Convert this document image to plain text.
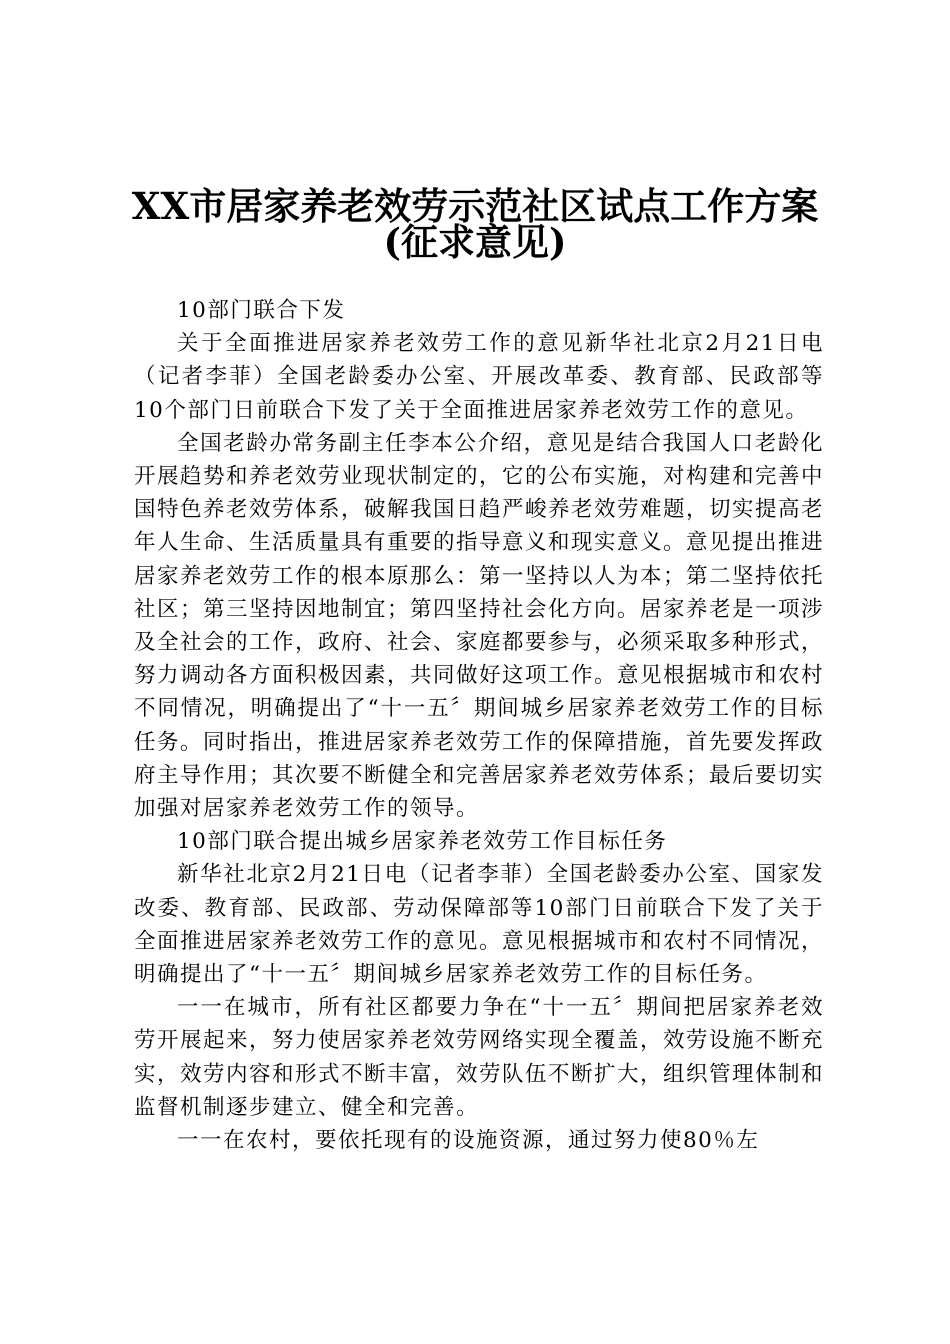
XX市居家养老效劳示范社区试点工作方案
(征求意见)

10部门联合下发

关于全面推进居家养老效劳工作的意见新华社北京2月21日电（记者李菲）全国老龄委办公室、开展改革委、教育部、民政部等10个部门日前联合下发了关于全面推进居家养老效劳工作的意见。

全国老龄办常务副主任李本公介绍，意见是结合我国人口老龄化开展趋势和养老效劳业现状制定的，它的公布实施，对构建和完善中国特色养老效劳体系，破解我国日趋严峻养老效劳难题，切实提高老年人生命、生活质量具有重要的指导意义和现实意义。意见提出推进居家养老效劳工作的根本原那么：第一坚持以人为本；第二坚持依托社区；第三坚持因地制宜；第四坚持社会化方向。居家养老是一项涉及全社会的工作，政府、社会、家庭都要参与，必须采取多种形式，努力调动各方面积极因素，共同做好这项工作。意见根据城市和农村不同情况，明确提出了“十一五〞期间城乡居家养老效劳工作的目标任务。同时指出，推进居家养老效劳工作的保障措施，首先要发挥政府主导作用；其次要不断健全和完善居家养老效劳体系；最后要切实加强对居家养老效劳工作的领导。

10部门联合提出城乡居家养老效劳工作目标任务

新华社北京2月21日电（记者李菲）全国老龄委办公室、国家发改委、教育部、民政部、劳动保障部等10部门日前联合下发了关于全面推进居家养老效劳工作的意见。意见根据城市和农村不同情况，明确提出了“十一五〞期间城乡居家养老效劳工作的目标任务。

一一在城市，所有社区都要力争在“十一五〞期间把居家养老效劳开展起来，努力使居家养老效劳网络实现全覆盖，效劳设施不断充实，效劳内容和形式不断丰富，效劳队伍不断扩大，组织管理体制和监督机制逐步建立、健全和完善。

一一在农村，要依托现有的设施资源，通过努力使80％左
